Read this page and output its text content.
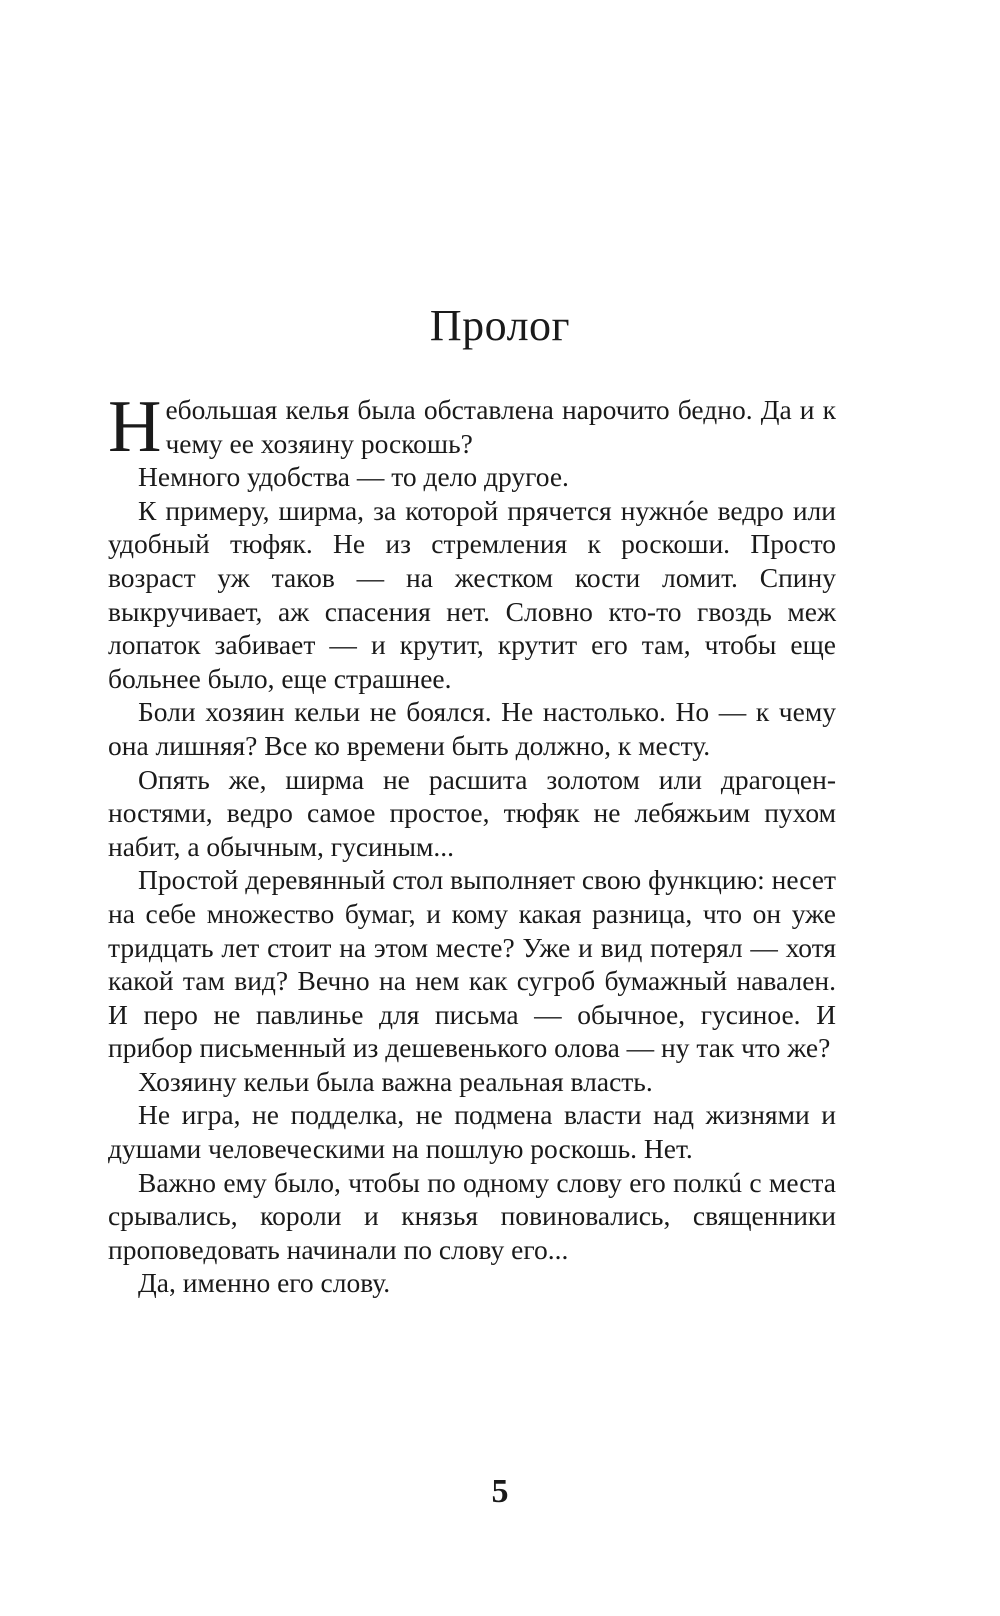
Пролог

Небольшая келья была обставлена нарочито бедно. Да и к чему ее хозяину роскошь?

Немного удобства — то дело другое.

К примеру, ширма, за которой прячется нужнóе ведро или удобный тюфяк. Не из стремления к роскоши. Просто возраст уж таков — на жестком кости ломит. Спину выкручивает, аж спасения нет. Словно кто-то гвоздь меж лопаток забивает — и крутит, крутит его там, чтобы еще больнее было, еще страшнее.

Боли хозяин кельи не боялся. Не настолько. Но — к чему она лишняя? Все ко времени быть должно, к месту.

Опять же, ширма не расшита золотом или драгоценностями, ведро самое простое, тюфяк не лебяжьим пухом набит, а обычным, гусиным...

Простой деревянный стол выполняет свою функцию: несет на себе множество бумаг, и кому какая разница, что он уже тридцать лет стоит на этом месте? Уже и вид потерял — хотя какой там вид? Вечно на нем как сугроб бумажный навален. И перо не павлинье для письма — обычное, гусиное. И прибор письменный из дешевенького олова — ну так что же?

Хозяину кельи была важна реальная власть.

Не игра, не подделка, не подмена власти над жизнями и душами человеческими на пошлую роскошь. Нет.

Важно ему было, чтобы по одному слову его полкú с места срывались, короли и князья повиновались, священники проповедовать начинали по слову его...

Да, именно его слову.

5
